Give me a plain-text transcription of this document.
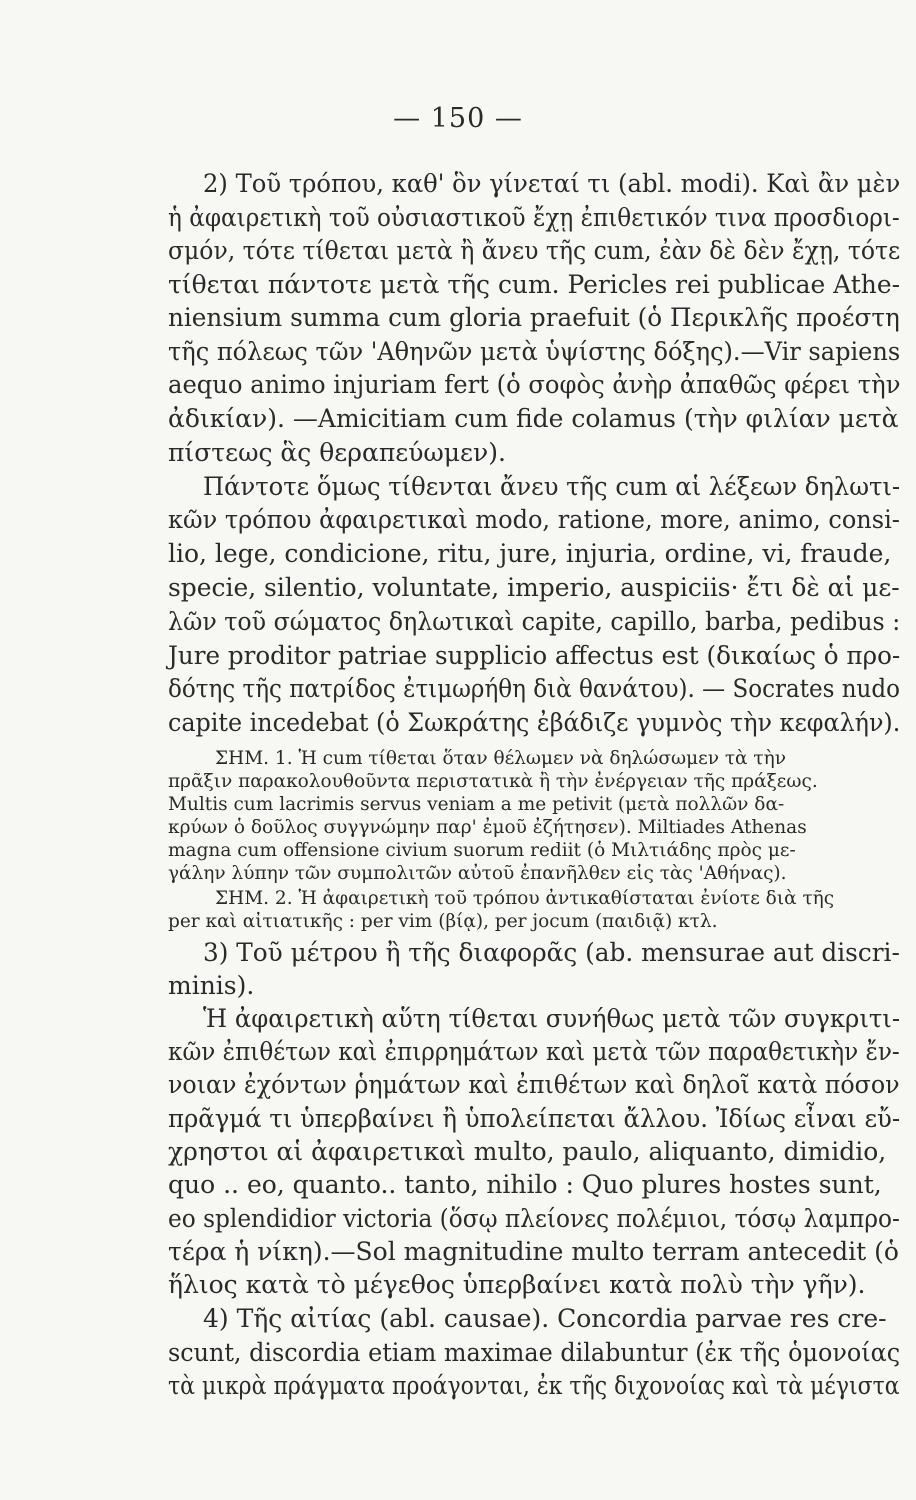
— 150 —
2) Τοῦ τρόπου, καθ' ὃν γίνεταί τι (abl. modi). Καὶ ἂν μὲν
ἡ ἀφαιρετικὴ τοῦ οὐσιαστικοῦ ἔχῃ ἐπιθετικόν τινα προσδιορι-
σμόν, τότε τίθεται μετὰ ἢ ἄνευ τῆς cum, ἐὰν δὲ δὲν ἔχῃ, τότε
τίθεται πάντοτε μετὰ τῆς cum. Pericles rei publicae Athe-
niensium summa cum gloria praefuit (ὁ Περικλῆς προέστη
τῆς πόλεως τῶν 'Αθηνῶν μετὰ ὑψίστης δόξης).—Vir sapiens
aequo animo injuriam fert (ὁ σοφὸς ἀνὴρ ἀπαθῶς φέρει τὴν
ἀδικίαν). —Amicitiam cum fide colamus (τὴν φιλίαν μετὰ
πίστεως ἃς θεραπεύωμεν).
Πάντοτε ὅμως τίθενται ἄνευ τῆς cum αἱ λέξεων δηλωτι-
κῶν τρόπου ἀφαιρετικαὶ modo, ratione, more, animo, consi-
lio, lege, condicione, ritu, jure, injuria, ordine, vi, fraude,
specie, silentio, voluntate, imperio, auspiciis· ἔτι δὲ αἱ με-
λῶν τοῦ σώματος δηλωτικαὶ capite, capillo, barba, pedibus :
Jure proditor patriae supplicio affectus est (δικαίως ὁ προ-
δότης τῆς πατρίδος ἐτιμωρήθη διὰ θανάτου). — Socrates nudo
capite incedebat (ὁ Σωκράτης ἐβάδιζε γυμνὸς τὴν κεφαλήν).
ΣΗΜ. 1. Ἡ cum τίθεται ὅταν θέλωμεν νὰ δηλώσωμεν τὰ τὴν
πρᾶξιν παρακολουθοῦντα περιστατικὰ ἢ τὴν ἐνέργειαν τῆς πράξεως.
Multis cum lacrimis servus veniam a me petivit (μετὰ πολλῶν δα-
κρύων ὁ δοῦλος συγγνώμην παρ' ἐμοῦ ἐζήτησεν). Miltiades Athenas
magna cum offensione civium suorum rediit (ὁ Μιλτιάδης πρὸς με-
γάλην λύπην τῶν συμπολιτῶν αὐτοῦ ἐπανῆλθεν εἰς τὰς 'Αθήνας).
ΣΗΜ. 2. Ἡ ἀφαιρετικὴ τοῦ τρόπου ἀντικαθίσταται ἐνίοτε διὰ τῆς
per καὶ αἰτιατικῆς : per vim (βίᾳ), per jocum (παιδιᾷ) κτλ.
3) Τοῦ μέτρου ἢ τῆς διαφορᾶς (ab. mensurae aut discri-
minis).
Ἡ ἀφαιρετικὴ αὕτη τίθεται συνήθως μετὰ τῶν συγκριτι-
κῶν ἐπιθέτων καὶ ἐπιρρημάτων καὶ μετὰ τῶν παραθετικὴν ἔν-
νοιαν ἐχόντων ῥημάτων καὶ ἐπιθέτων καὶ δηλοῖ κατὰ πόσον
πρᾶγμά τι ὑπερβαίνει ἢ ὑπολείπεται ἄλλου. Ἰδίως εἶναι εὔ-
χρηστοι αἱ ἀφαιρετικαὶ multo, paulo, aliquanto, dimidio,
quo .. eo, quanto.. tanto, nihilo : Quo plures hostes sunt,
eo splendidior victoria (ὅσῳ πλείονες πολέμιοι, τόσῳ λαμπρο-
τέρα ἡ νίκη).—Sol magnitudine multo terram antecedit (ὁ
ἥλιος κατὰ τὸ μέγεθος ὑπερβαίνει κατὰ πολὺ τὴν γῆν).
4) Τῆς αἰτίας (abl. causae). Concordia parvae res cre-
scunt, discordia etiam maximae dilabuntur (ἐκ τῆς ὁμονοίας
τὰ μικρὰ πράγματα προάγονται, ἐκ τῆς διχονοίας καὶ τὰ μέγιστα
